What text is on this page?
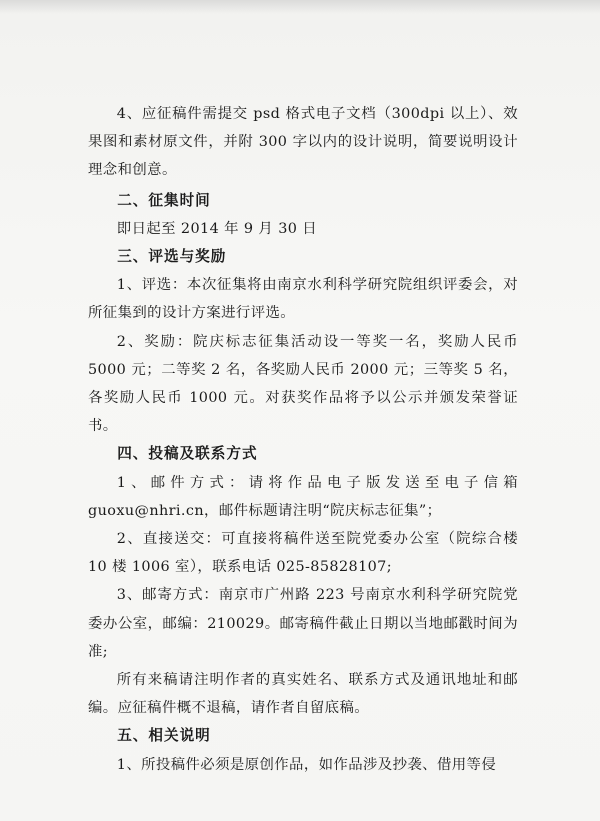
4、应征稿件需提交 psd 格式电子文档（300dpi 以上）、效果图和素材原文件，并附 300 字以内的设计说明，简要说明设计理念和创意。

二、征集时间

即日起至 2014 年 9 月 30 日

三、评选与奖励

1、评选：本次征集将由南京水利科学研究院组织评委会，对所征集到的设计方案进行评选。

2、奖励：院庆标志征集活动设一等奖一名，奖励人民币 5000 元；二等奖 2 名，各奖励人民币 2000 元；三等奖 5 名，各奖励人民币 1000 元。对获奖作品将予以公示并颁发荣誉证书。

四、投稿及联系方式

1、邮件方式：请将作品电子版发送至电子信箱 guoxu@nhri.cn，邮件标题请注明“院庆标志征集”；

2、直接送交：可直接将稿件送至院党委办公室（院综合楼 10 楼 1006 室），联系电话 025-85828107;

3、邮寄方式：南京市广州路 223 号南京水利科学研究院党委办公室，邮编：210029。邮寄稿件截止日期以当地邮戳时间为准;

所有来稿请注明作者的真实姓名、联系方式及通讯地址和邮编。应征稿件概不退稿，请作者自留底稿。

五、相关说明

1、所投稿件必须是原创作品，如作品涉及抄袭、借用等侵
